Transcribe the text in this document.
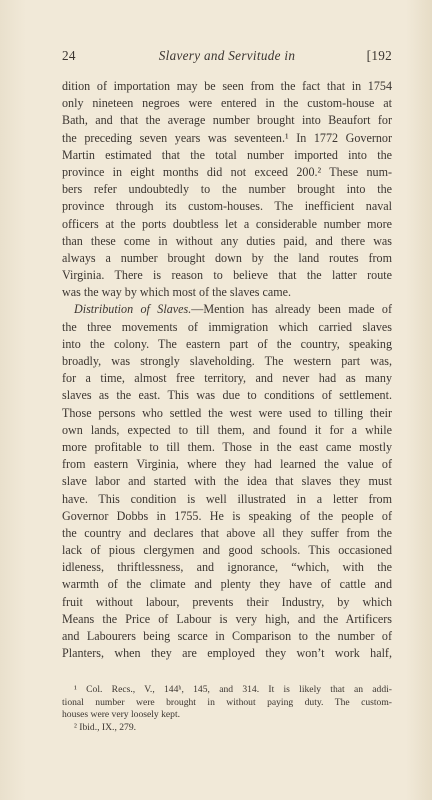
24	Slavery and Servitude in	[192
dition of importation may be seen from the fact that in 1754
only nineteen negroes were entered in the custom-house at
Bath, and that the average number brought into Beaufort for
the preceding seven years was seventeen.¹ In 1772 Governor
Martin estimated that the total number imported into the
province in eight months did not exceed 200.² These num-
bers refer undoubtedly to the number brought into the
province through its custom-houses. The inefficient naval
officers at the ports doubtless let a considerable number more
than these come in without any duties paid, and there was
always a number brought down by the land routes from
Virginia. There is reason to believe that the latter route
was the way by which most of the slaves came.
Distribution of Slaves.—Mention has already been made of
the three movements of immigration which carried slaves
into the colony. The eastern part of the country, speaking
broadly, was strongly slaveholding. The western part was,
for a time, almost free territory, and never had as many
slaves as the east. This was due to conditions of settlement.
Those persons who settled the west were used to tilling their
own lands, expected to till them, and found it for a while
more profitable to till them. Those in the east came mostly
from eastern Virginia, where they had learned the value of
slave labor and started with the idea that slaves they must
have. This condition is well illustrated in a letter from
Governor Dobbs in 1755. He is speaking of the people of
the country and declares that above all they suffer from the
lack of pious clergymen and good schools. This occasioned
idleness, thriftlessness, and ignorance, “which, with the
warmth of the climate and plenty they have of cattle and
fruit without labour, prevents their Industry, by which
Means the Price of Labour is very high, and the Artificers
and Labourers being scarce in Comparison to the number of
Planters, when they are employed they won’t work half,
¹ Col. Recs., V., 144ʰ, 145, and 314. It is likely that an addi-
tional number were brought in without paying duty. The custom-
houses were very loosely kept.
² Ibid., IX., 279.
